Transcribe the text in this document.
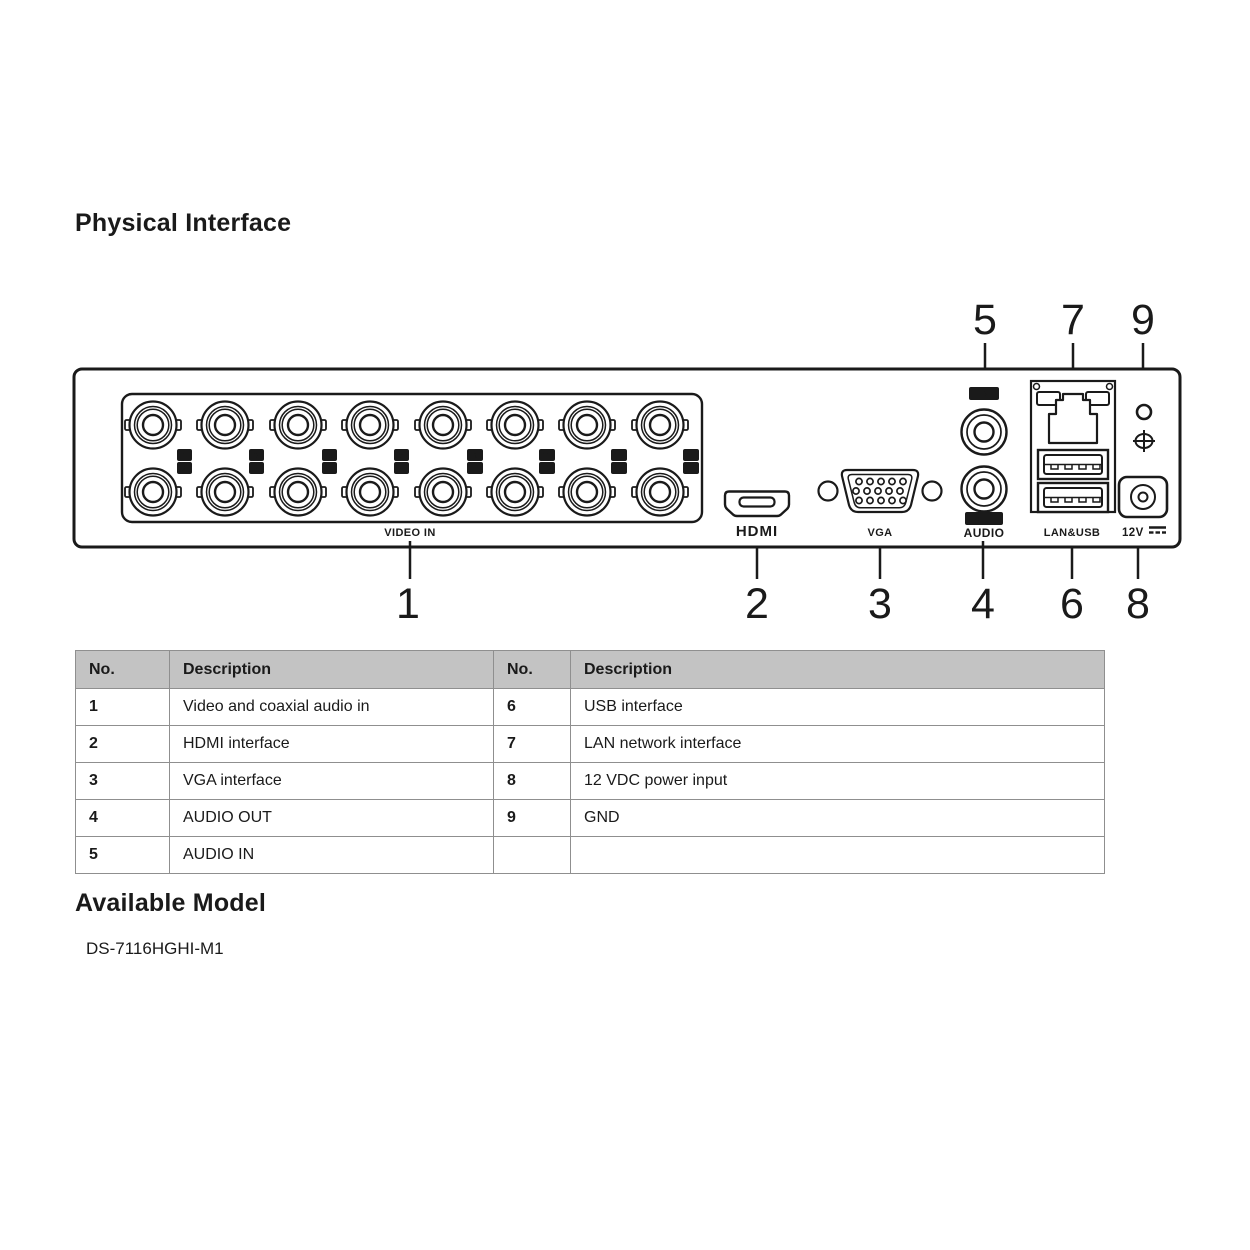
Physical Interface
5 7 9
1
2
3
4
5
6
7
8
9
10
11
12
13
14
15
16
VIDEO IN	HDMI	VGA
IN
OUT
AUDIO	LAN&USB 12V
1	2 3 4 6 8
No.	Description	No.	Description
1	Video and coaxial audio in	6	USB interface
2	HDMI interface	7	LAN network interface
3	VGA interface	8	12 VDC power input
4	AUDIO OUT	9	GND
5	AUDIO IN		
Available Model
DS-7116HGHI-M1
